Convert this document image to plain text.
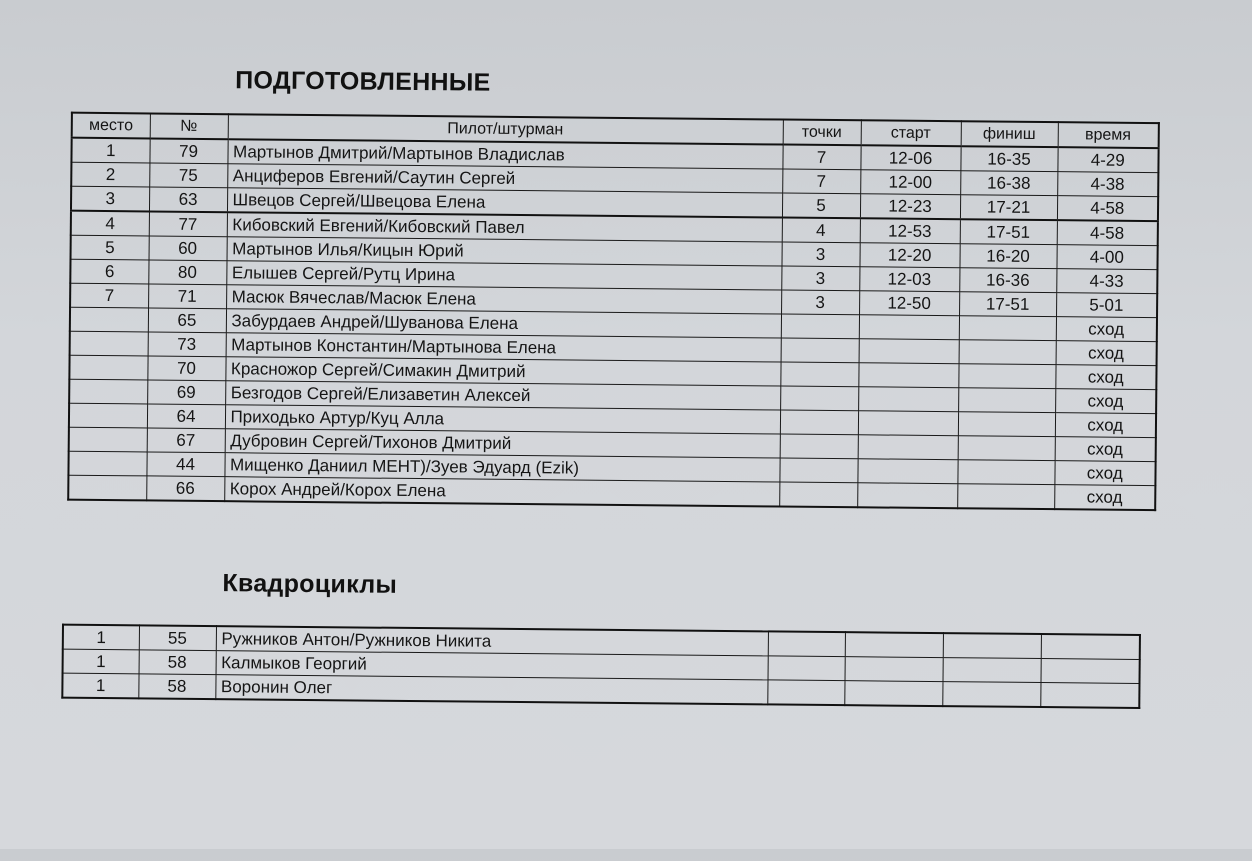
ПОДГОТОВЛЕННЫЕ
место	№	Пилот/штурман	точки	старт	финиш	время
1	79	Мартынов Дмитрий/Мартынов Владислав	7	12-06	16-35	4-29
2	75	Анциферов Евгений/Саутин Сергей	7	12-00	16-38	4-38
3	63	Швецов Сергей/Швецова Елена	5	12-23	17-21	4-58
4	77	Кибовский Евгений/Кибовский Павел	4	12-53	17-51	4-58
5	60	Мартынов Илья/Кицын Юрий	3	12-20	16-20	4-00
6	80	Елышев Сергей/Рутц Ирина	3	12-03	16-36	4-33
7	71	Масюк Вячеслав/Масюк Елена	3	12-50	17-51	5-01
	65	Забурдаев Андрей/Шуванова Елена				сход
	73	Мартынов Константин/Мартынова Елена				сход
	70	Красножор Сергей/Симакин Дмитрий				сход
	69	Безгодов Сергей/Елизаветин Алексей				сход
	64	Приходько Артур/Куц Алла				сход
	67	Дубровин Сергей/Тихонов Дмитрий				сход
	44	Мищенко Даниил МЕНТ)/Зуев Эдуард (Ezik)				сход
	66	Корох Андрей/Корох Елена				сход
Квадроциклы
1	55	Ружников Антон/Ружников Никита				
1	58	Калмыков Георгий				
1	58	Воронин Олег				
